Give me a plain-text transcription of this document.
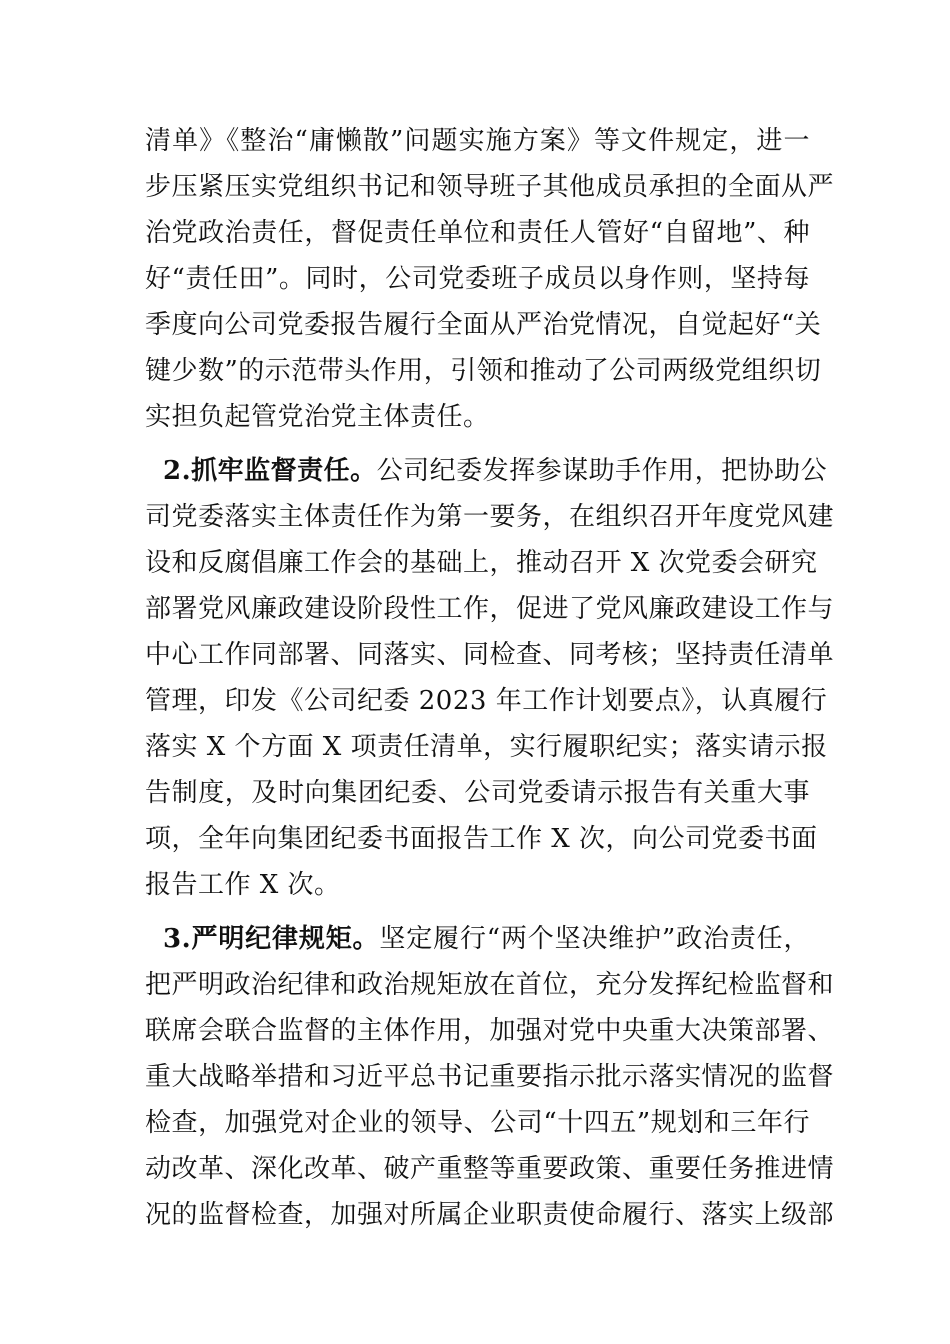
清单》《整治“庸懒散”问题实施方案》等文件规定，进一
步压紧压实党组织书记和领导班子其他成员承担的全面从严
治党政治责任，督促责任单位和责任人管好“自留地”、种
好“责任田”。同时，公司党委班子成员以身作则，坚持每
季度向公司党委报告履行全面从严治党情况，自觉起好“关
键少数”的示范带头作用，引领和推动了公司两级党组织切
实担负起管党治党主体责任。
2.抓牢监督责任。公司纪委发挥参谋助手作用，把协助公
司党委落实主体责任作为第一要务，在组织召开年度党风建
设和反腐倡廉工作会的基础上，推动召开 X 次党委会研究
部署党风廉政建设阶段性工作，促进了党风廉政建设工作与
中心工作同部署、同落实、同检查、同考核；坚持责任清单
管理，印发《公司纪委 2023 年工作计划要点》，认真履行
落实 X 个方面 X 项责任清单，实行履职纪实；落实请示报
告制度，及时向集团纪委、公司党委请示报告有关重大事
项，全年向集团纪委书面报告工作 X 次，向公司党委书面
报告工作 X 次。
3.严明纪律规矩。坚定履行“两个坚决维护”政治责任，
把严明政治纪律和政治规矩放在首位，充分发挥纪检监督和
联席会联合监督的主体作用，加强对党中央重大决策部署、
重大战略举措和习近平总书记重要指示批示落实情况的监督
检查，加强党对企业的领导、公司“十四五”规划和三年行
动改革、深化改革、破产重整等重要政策、重要任务推进情
况的监督检查，加强对所属企业职责使命履行、落实上级部
